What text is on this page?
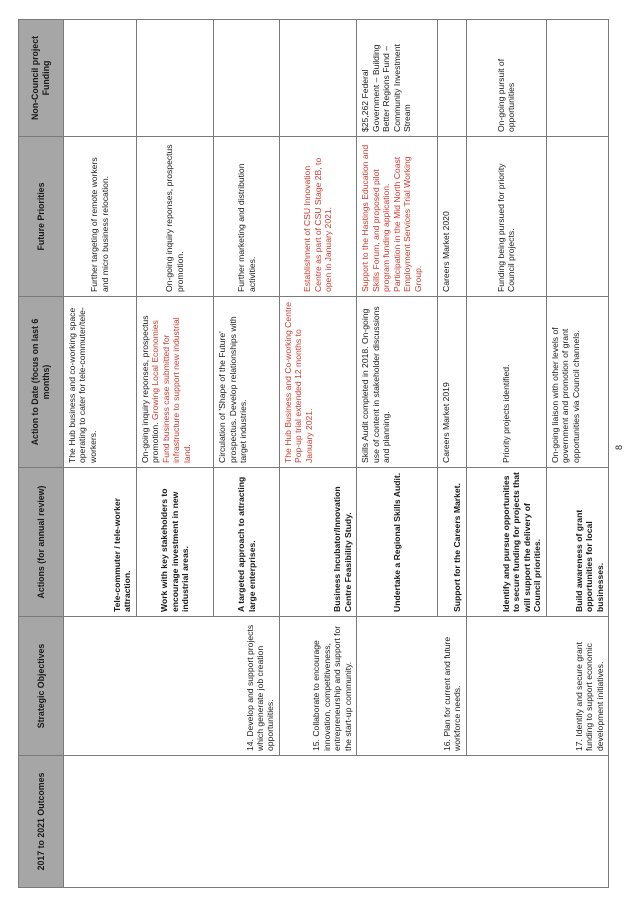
2017 to 2021 Outcomes	Strategic Objectives	Actions (for annual review)	Action to Date (focus on last 6 months)	Future Priorities	Non-Council project Funding
	14. Develop and support projects which generate job creation opportunities.	Tele-commuter / tele-worker attraction.	The Hub business and co-working space operating to cater for tele-commuter/tele-workers.	Further targeting of remote workers and micro business relocation.	
		Work with key stakeholders to encourage investment in new industrial areas.	On-going inquiry reponses, prospectus promotion. Growing Local Economies Fund business case submitted for infrastructure to support new industrial land.	On-going inquiry reponses, prospectus promotion.	
		A targeted approach to attracting large enterprises.	Circulation of 'Shape of the Future' prospectus. Develop relationships with target industries.	Further marketing and distribution activities.	
	15. Collaborate to encourage innovation, competitiveness, entrepreneurship and support for the start-up community.	Business Incubator/Innovation Centre Feasibility Study.	The Hub Business and Co-working Centre Pop-up trial extended 12 months to January 2021.	Establishment of CSU Innovation Centre as part of CSU Stage 2B, to open in January 2021.	
	16. Plan for current and future workforce needs.	Undertake a Regional Skills Audit.	Skills Audit completed in 2018. On-going use of content in stakeholder discussions and planning.	Support to the Hastings Education and Skills Forum, and proposed pilot program funding application. Participation in the Mid North Coast Employment Services Trial Working Group.	$25,262 Federal Government – Building Better Regions Fund – Community Investment Stream
		Support for the Careers Market.	Careers Market 2019	Careers Market 2020	
	17. Identify and secure grant funding to support economic development initiatives.	Identify and pursue opportunities to secure funding for projects that will support the delivery of Council priorities.	Priority projects identified.	Funding being pursued for priority Council projects.	On-going pursuit of opportunities
		Build awareness of grant opportunities for local businesses.	On-going liaison with other levels of government and promotion of grant opportunities via Council channels.			8
